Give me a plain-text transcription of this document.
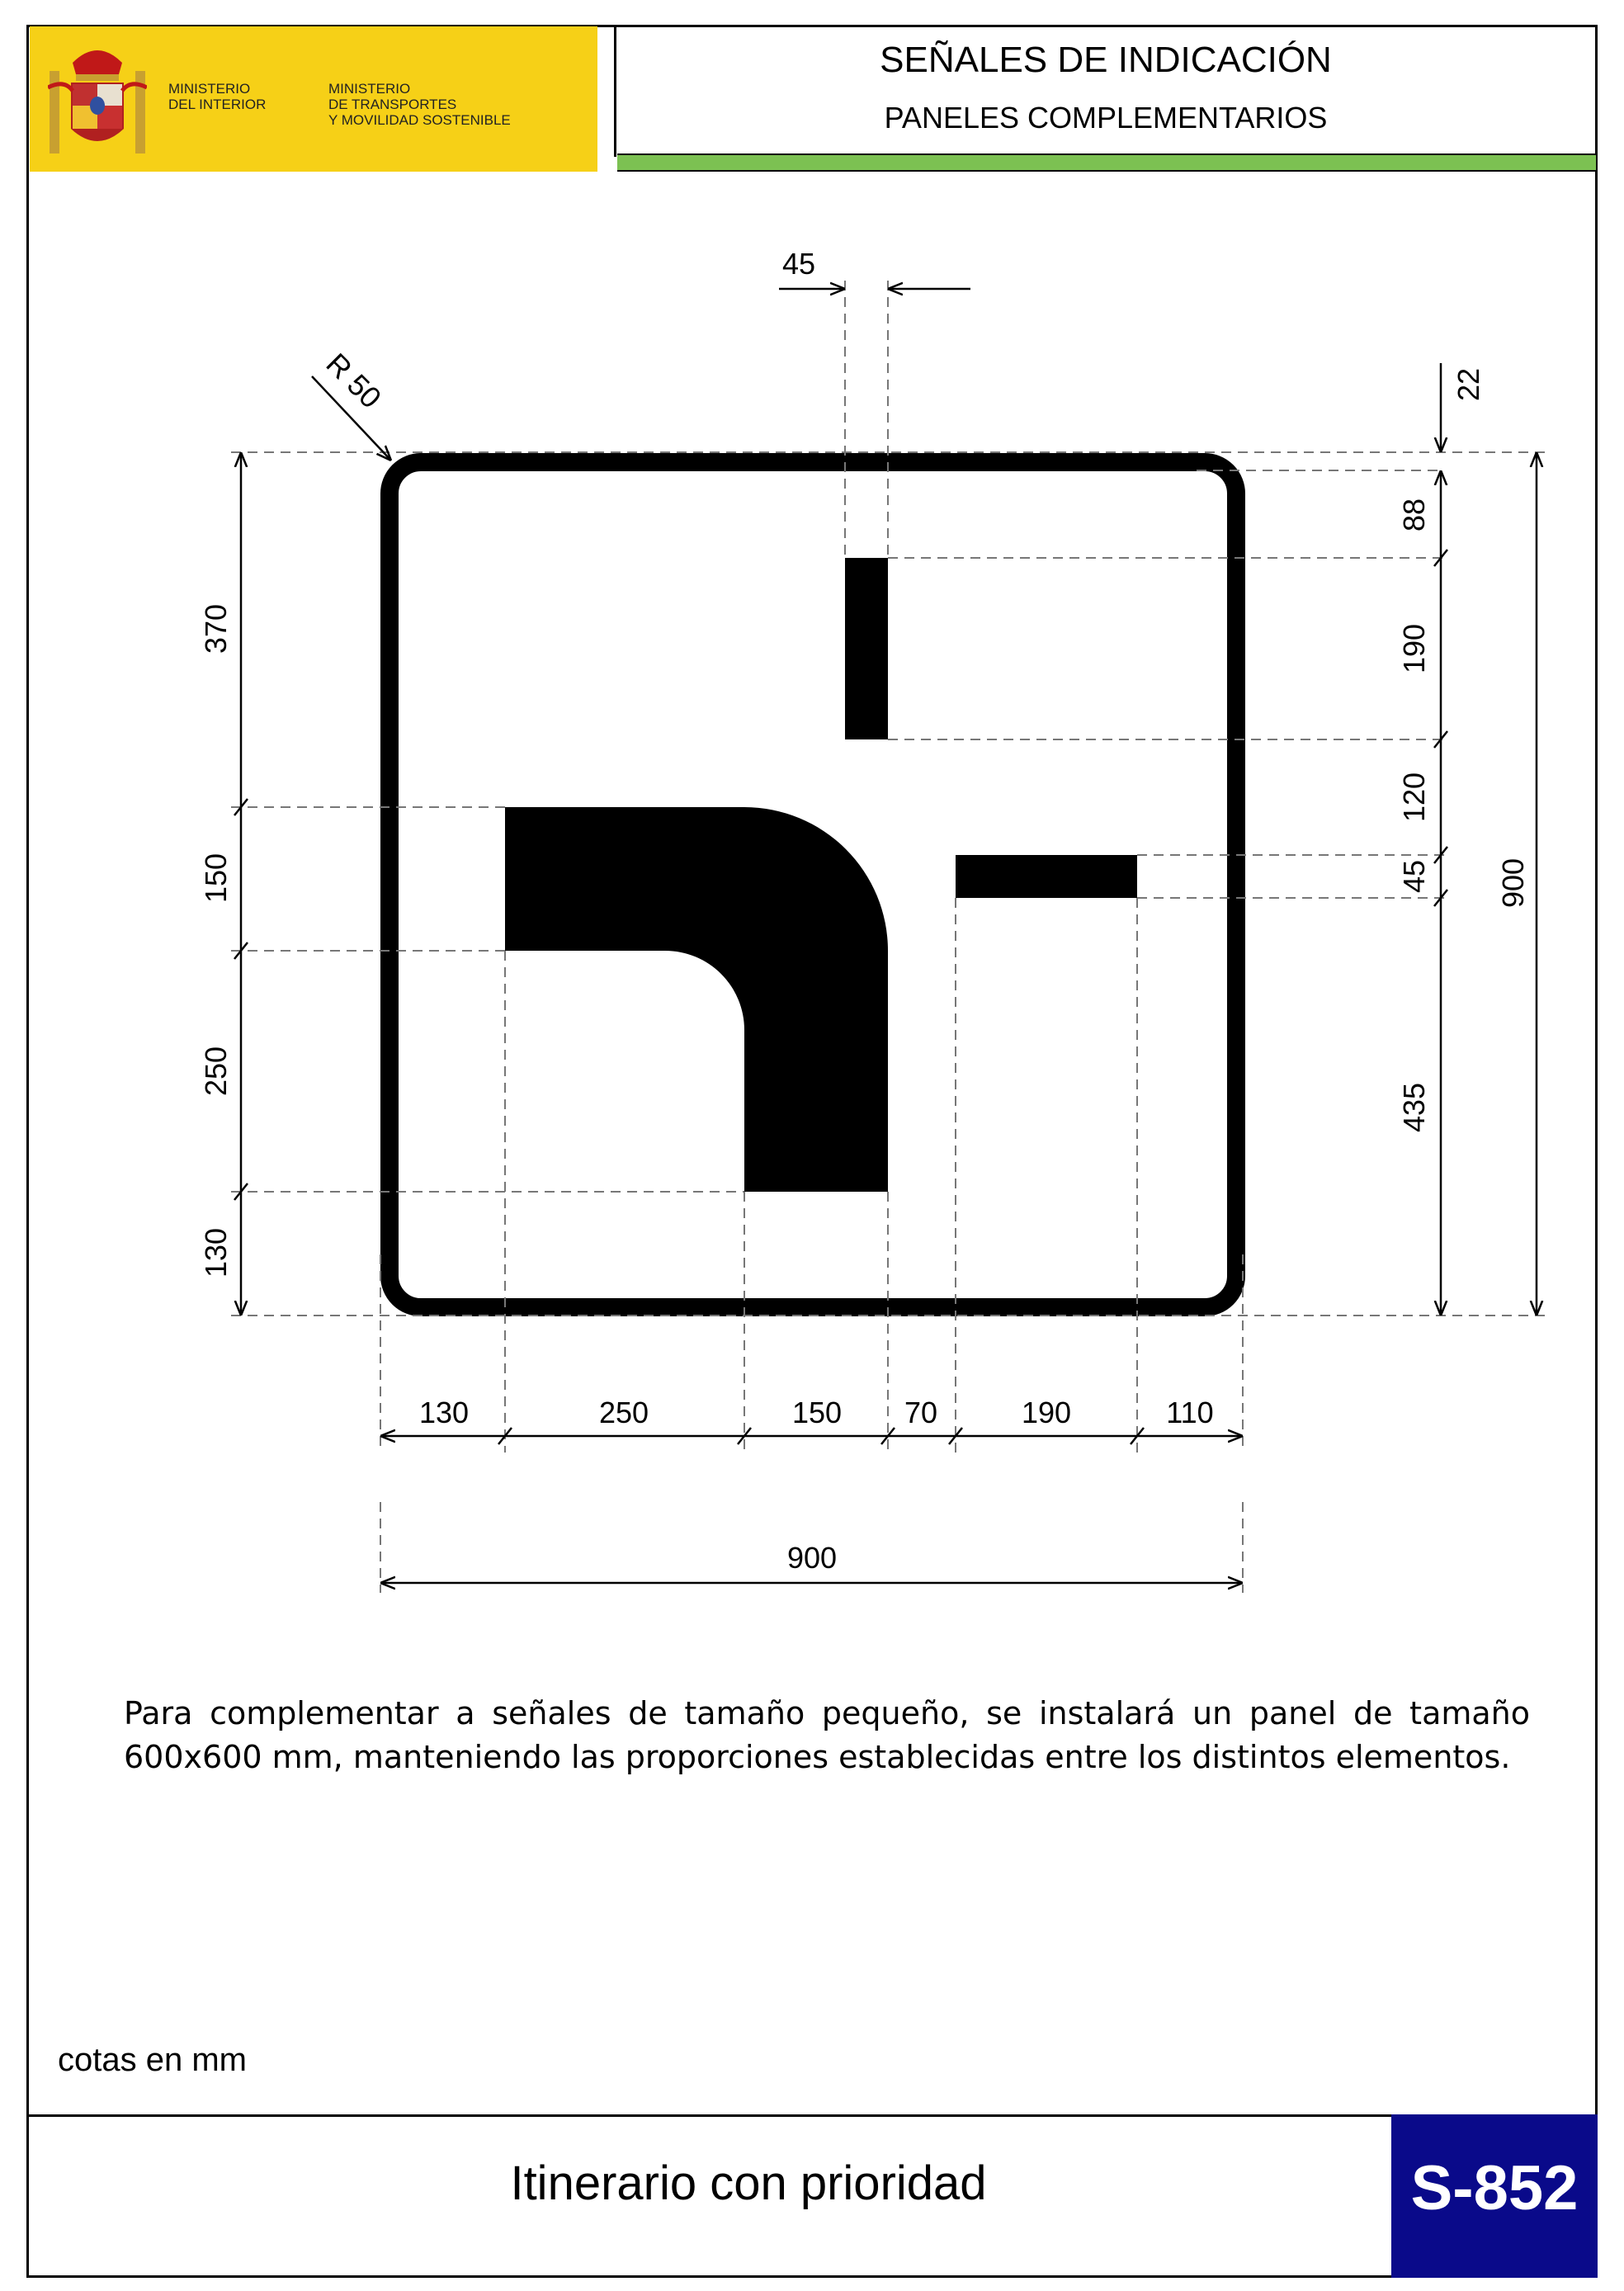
MINISTERIO
DEL INTERIOR
MINISTERIO
DE TRANSPORTES
Y MOVILIDAD SOSTENIBLE
SEÑALES DE INDICACIÓN
PANELES COMPLEMENTARIOS
45
R 50	22
88
190
120
45
435
900
370
150
250
130
130	250	150 70	190	110
900
Para complementar a señales de tamaño pequeño, se instalará un panel de tamaño 600x600 mm, manteniendo las proporciones establecidas entre los distintos elementos.
cotas en mm
Itinerario con prioridad	S-852
